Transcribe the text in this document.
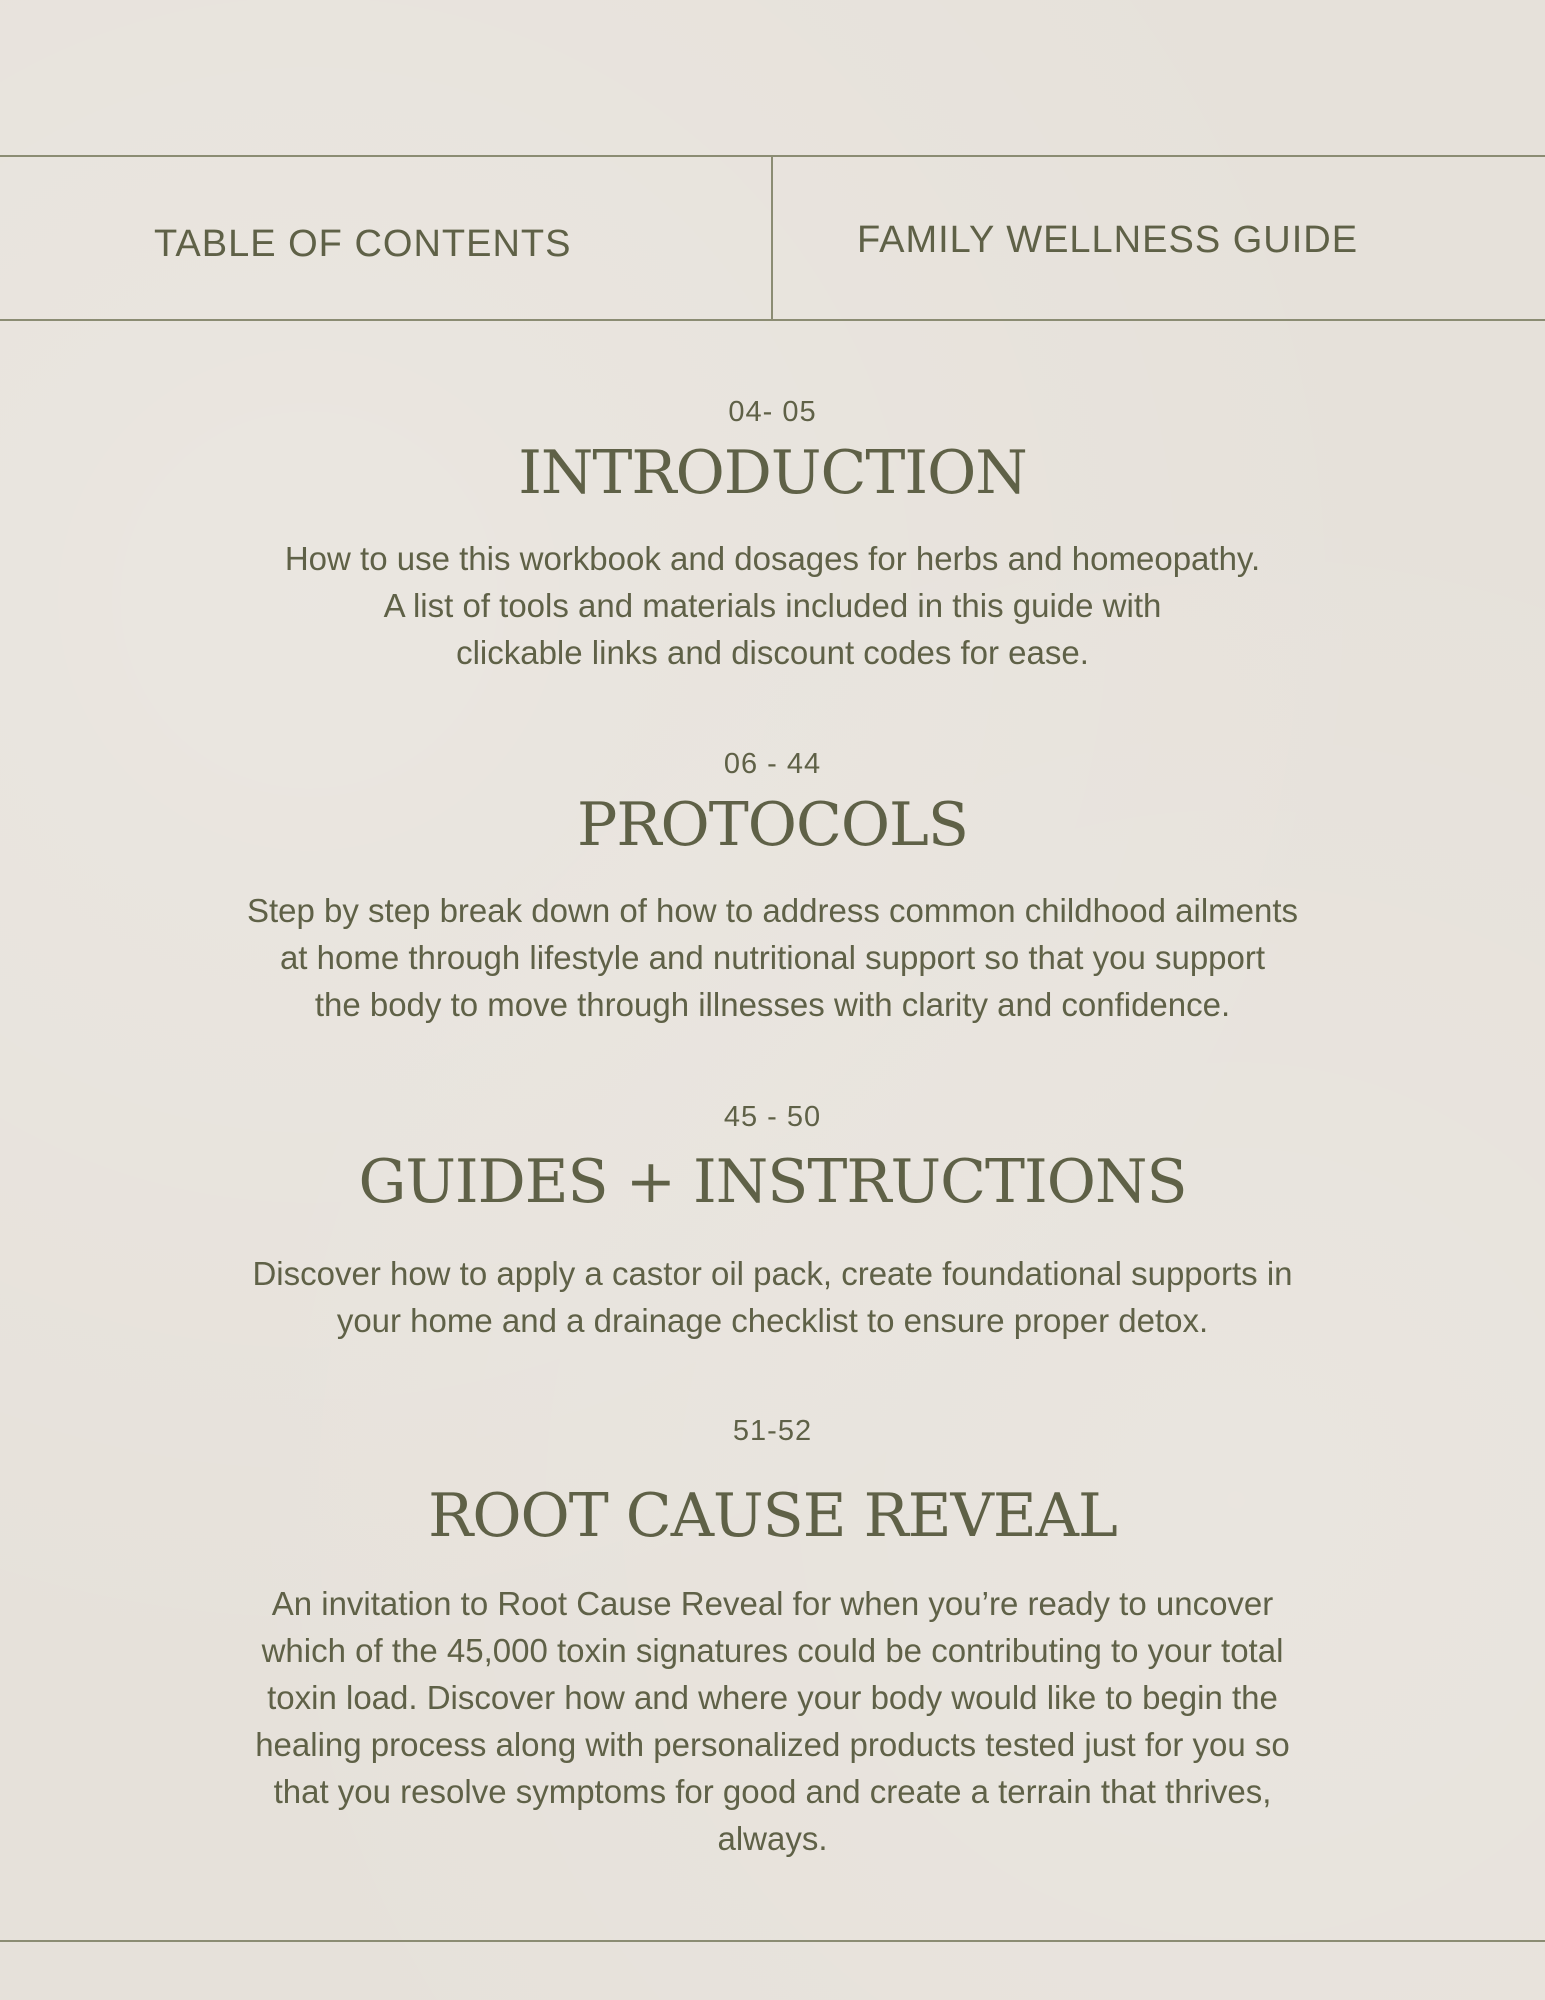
TABLE OF CONTENTS	FAMILY WELLNESS GUIDE
04- 05
INTRODUCTION
How to use this workbook and dosages for herbs and homeopathy.
A list of tools and materials included in this guide with
clickable links and discount codes for ease.
06 - 44
PROTOCOLS
Step by step break down of how to address common childhood ailments
at home through lifestyle and nutritional support so that you support
the body to move through illnesses with clarity and confidence.
45 - 50
GUIDES + INSTRUCTIONS
Discover how to apply a castor oil pack, create foundational supports in
your home and a drainage checklist to ensure proper detox.
51-52
ROOT CAUSE REVEAL
An invitation to Root Cause Reveal for when you’re ready to uncover
which of the 45,000 toxin signatures could be contributing to your total
toxin load. Discover how and where your body would like to begin the
healing process along with personalized products tested just for you so
that you resolve symptoms for good and create a terrain that thrives,
always.
